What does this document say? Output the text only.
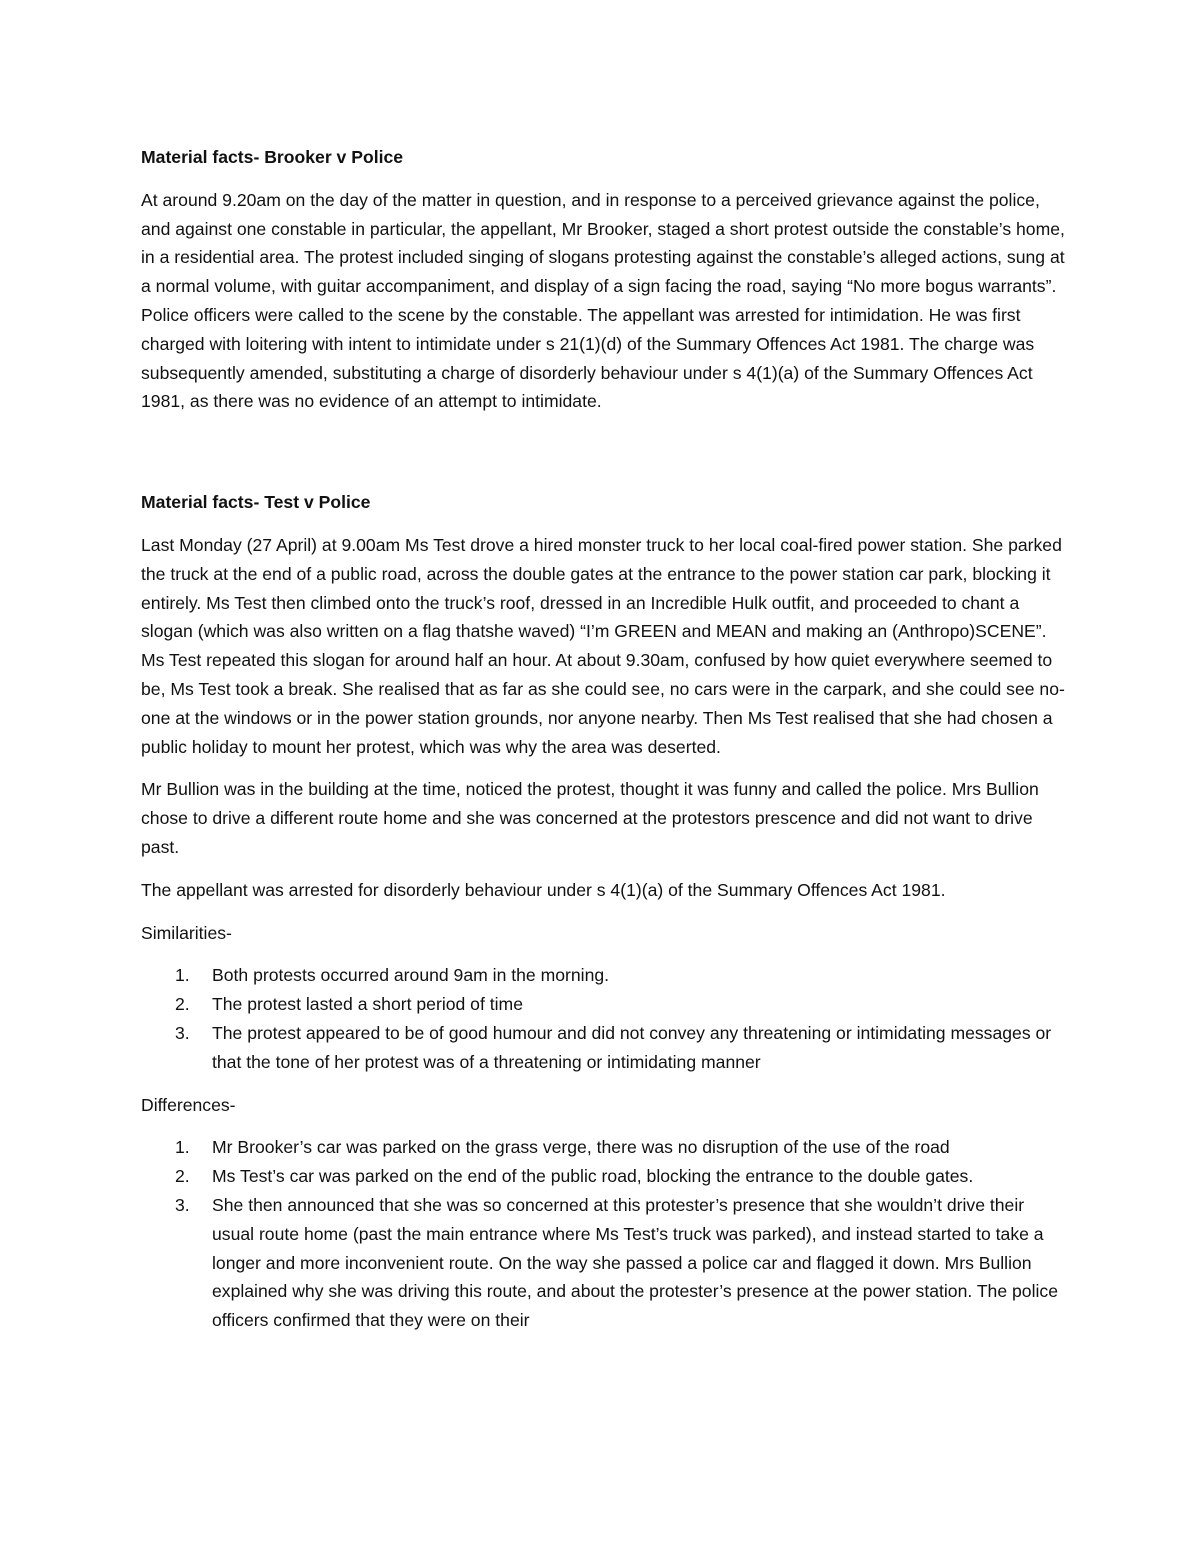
Material facts- Brooker v Police

At around 9.20am on the day of the matter in question, and in response to a perceived grievance against the police, and against one constable in particular, the appellant, Mr Brooker, staged a short protest outside the constable’s home, in a residential area. The protest included singing of slogans protesting against the constable’s alleged actions, sung at a normal volume, with guitar accompaniment, and display of a sign facing the road, saying “No more bogus warrants”. Police officers were called to the scene by the constable. The appellant was arrested for intimidation. He was first charged with loitering with intent to intimidate under s 21(1)(d) of the Summary Offences Act 1981. The charge was subsequently amended, substituting a charge of disorderly behaviour under s 4(1)(a) of the Summary Offences Act 1981, as there was no evidence of an attempt to intimidate.

Material facts- Test v Police

Last Monday (27 April) at 9.00am Ms Test drove a hired monster truck to her local coal-fired power station. She parked the truck at the end of a public road, across the double gates at the entrance to the power station car park, blocking it entirely. Ms Test then climbed onto the truck’s roof, dressed in an Incredible Hulk outfit, and proceeded to chant a slogan (which was also written on a flag thatshe waved) “I’m GREEN and MEAN and making an (Anthropo)SCENE”. Ms Test repeated this slogan for around half an hour. At about 9.30am, confused by how quiet everywhere seemed to be, Ms Test took a break. She realised that as far as she could see, no cars were in the carpark, and she could see no-one at the windows or in the power station grounds, nor anyone nearby. Then Ms Test realised that she had chosen a public holiday to mount her protest, which was why the area was deserted.

Mr Bullion was in the building at the time, noticed the protest, thought it was funny and called the police. Mrs Bullion chose to drive a different route home and she was concerned at the protestors prescence and did not want to drive past.

The appellant was arrested for disorderly behaviour under s 4(1)(a) of the Summary Offences Act 1981.

Similarities-

1. Both protests occurred around 9am in the morning.
2. The protest lasted a short period of time
3. The protest appeared to be of good humour and did not convey any threatening or intimidating messages or that the tone of her protest was of a threatening or intimidating manner

Differences-

1. Mr Brooker’s car was parked on the grass verge, there was no disruption of the use of the road
2. Ms Test’s car was parked on the end of the public road, blocking the entrance to the double gates.
3. She then announced that she was so concerned at this protester’s presence that she wouldn’t drive their usual route home (past the main entrance where Ms Test’s truck was parked), and instead started to take a longer and more inconvenient route. On the way she passed a police car and flagged it down. Mrs Bullion explained why she was driving this route, and about the protester’s presence at the power station. The police officers confirmed that they were on their
